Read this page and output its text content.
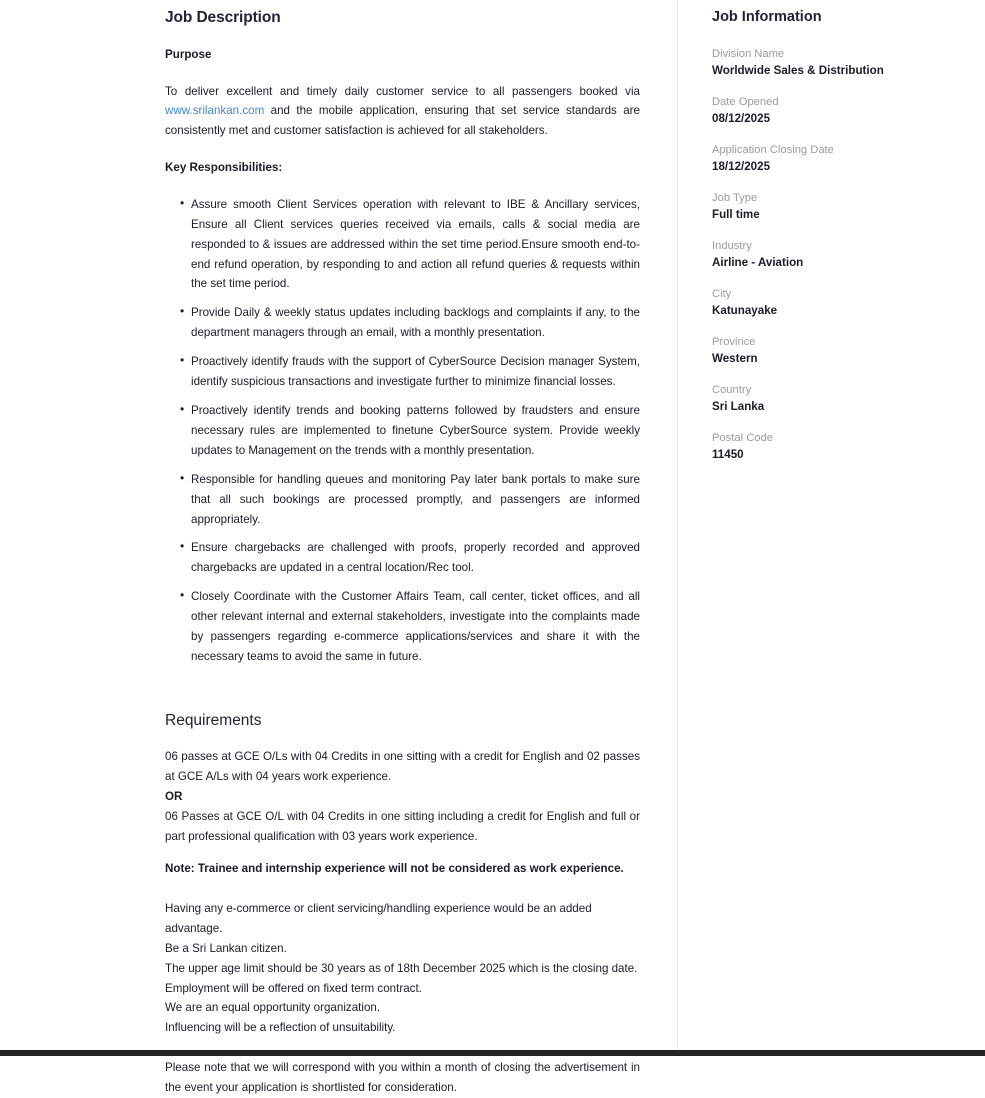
Job Description
Purpose

To deliver excellent and timely daily customer service to all passengers booked via www.srilankan.com and the mobile application, ensuring that set service standards are consistently met and customer satisfaction is achieved for all stakeholders.

Key Responsibilities:
• Assure smooth Client Services operation with relevant to IBE & Ancillary services, Ensure all Client services queries received via emails, calls & social media are responded to & issues are addressed within the set time period.Ensure smooth end-to-end refund operation, by responding to and action all refund queries & requests within the set time period.
• Provide Daily & weekly status updates including backlogs and complaints if any, to the department managers through an email, with a monthly presentation.
• Proactively identify frauds with the support of CyberSource Decision manager System, identify suspicious transactions and investigate further to minimize financial losses.
• Proactively identify trends and booking patterns followed by fraudsters and ensure necessary rules are implemented to finetune CyberSource system. Provide weekly updates to Management on the trends with a monthly presentation.
• Responsible for handling queues and monitoring Pay later bank portals to make sure that all such bookings are processed promptly, and passengers are informed appropriately.
• Ensure chargebacks are challenged with proofs, properly recorded and approved chargebacks are updated in a central location/Rec tool.
• Closely Coordinate with the Customer Affairs Team, call center, ticket offices, and all other relevant internal and external stakeholders, investigate into the complaints made by passengers regarding e-commerce applications/services and share it with the necessary teams to avoid the same in future.
Requirements
06 passes at GCE O/Ls with 04 Credits in one sitting with a credit for English and 02 passes at GCE A/Ls with 04 years work experience.
OR
06 Passes at GCE O/L with 04 Credits in one sitting including a credit for English and full or part professional qualification with 03 years work experience.
Note: Trainee and internship experience will not be considered as work experience.
Having any e-commerce or client servicing/handling experience would be an added advantage.
Be a Sri Lankan citizen.
The upper age limit should be 30 years as of 18th December 2025 which is the closing date.
Employment will be offered on fixed term contract.
We are an equal opportunity organization.
Influencing will be a reflection of unsuitability.
Please note that we will correspond with you within a month of closing the advertisement in the event your application is shortlisted for consideration.
Job Information
Division Name
Worldwide Sales & Distribution
Date Opened
08/12/2025
Application Closing Date
18/12/2025
Job Type
Full time
Industry
Airline - Aviation
City
Katunayake
Province
Western
Country
Sri Lanka
Postal Code
11450
